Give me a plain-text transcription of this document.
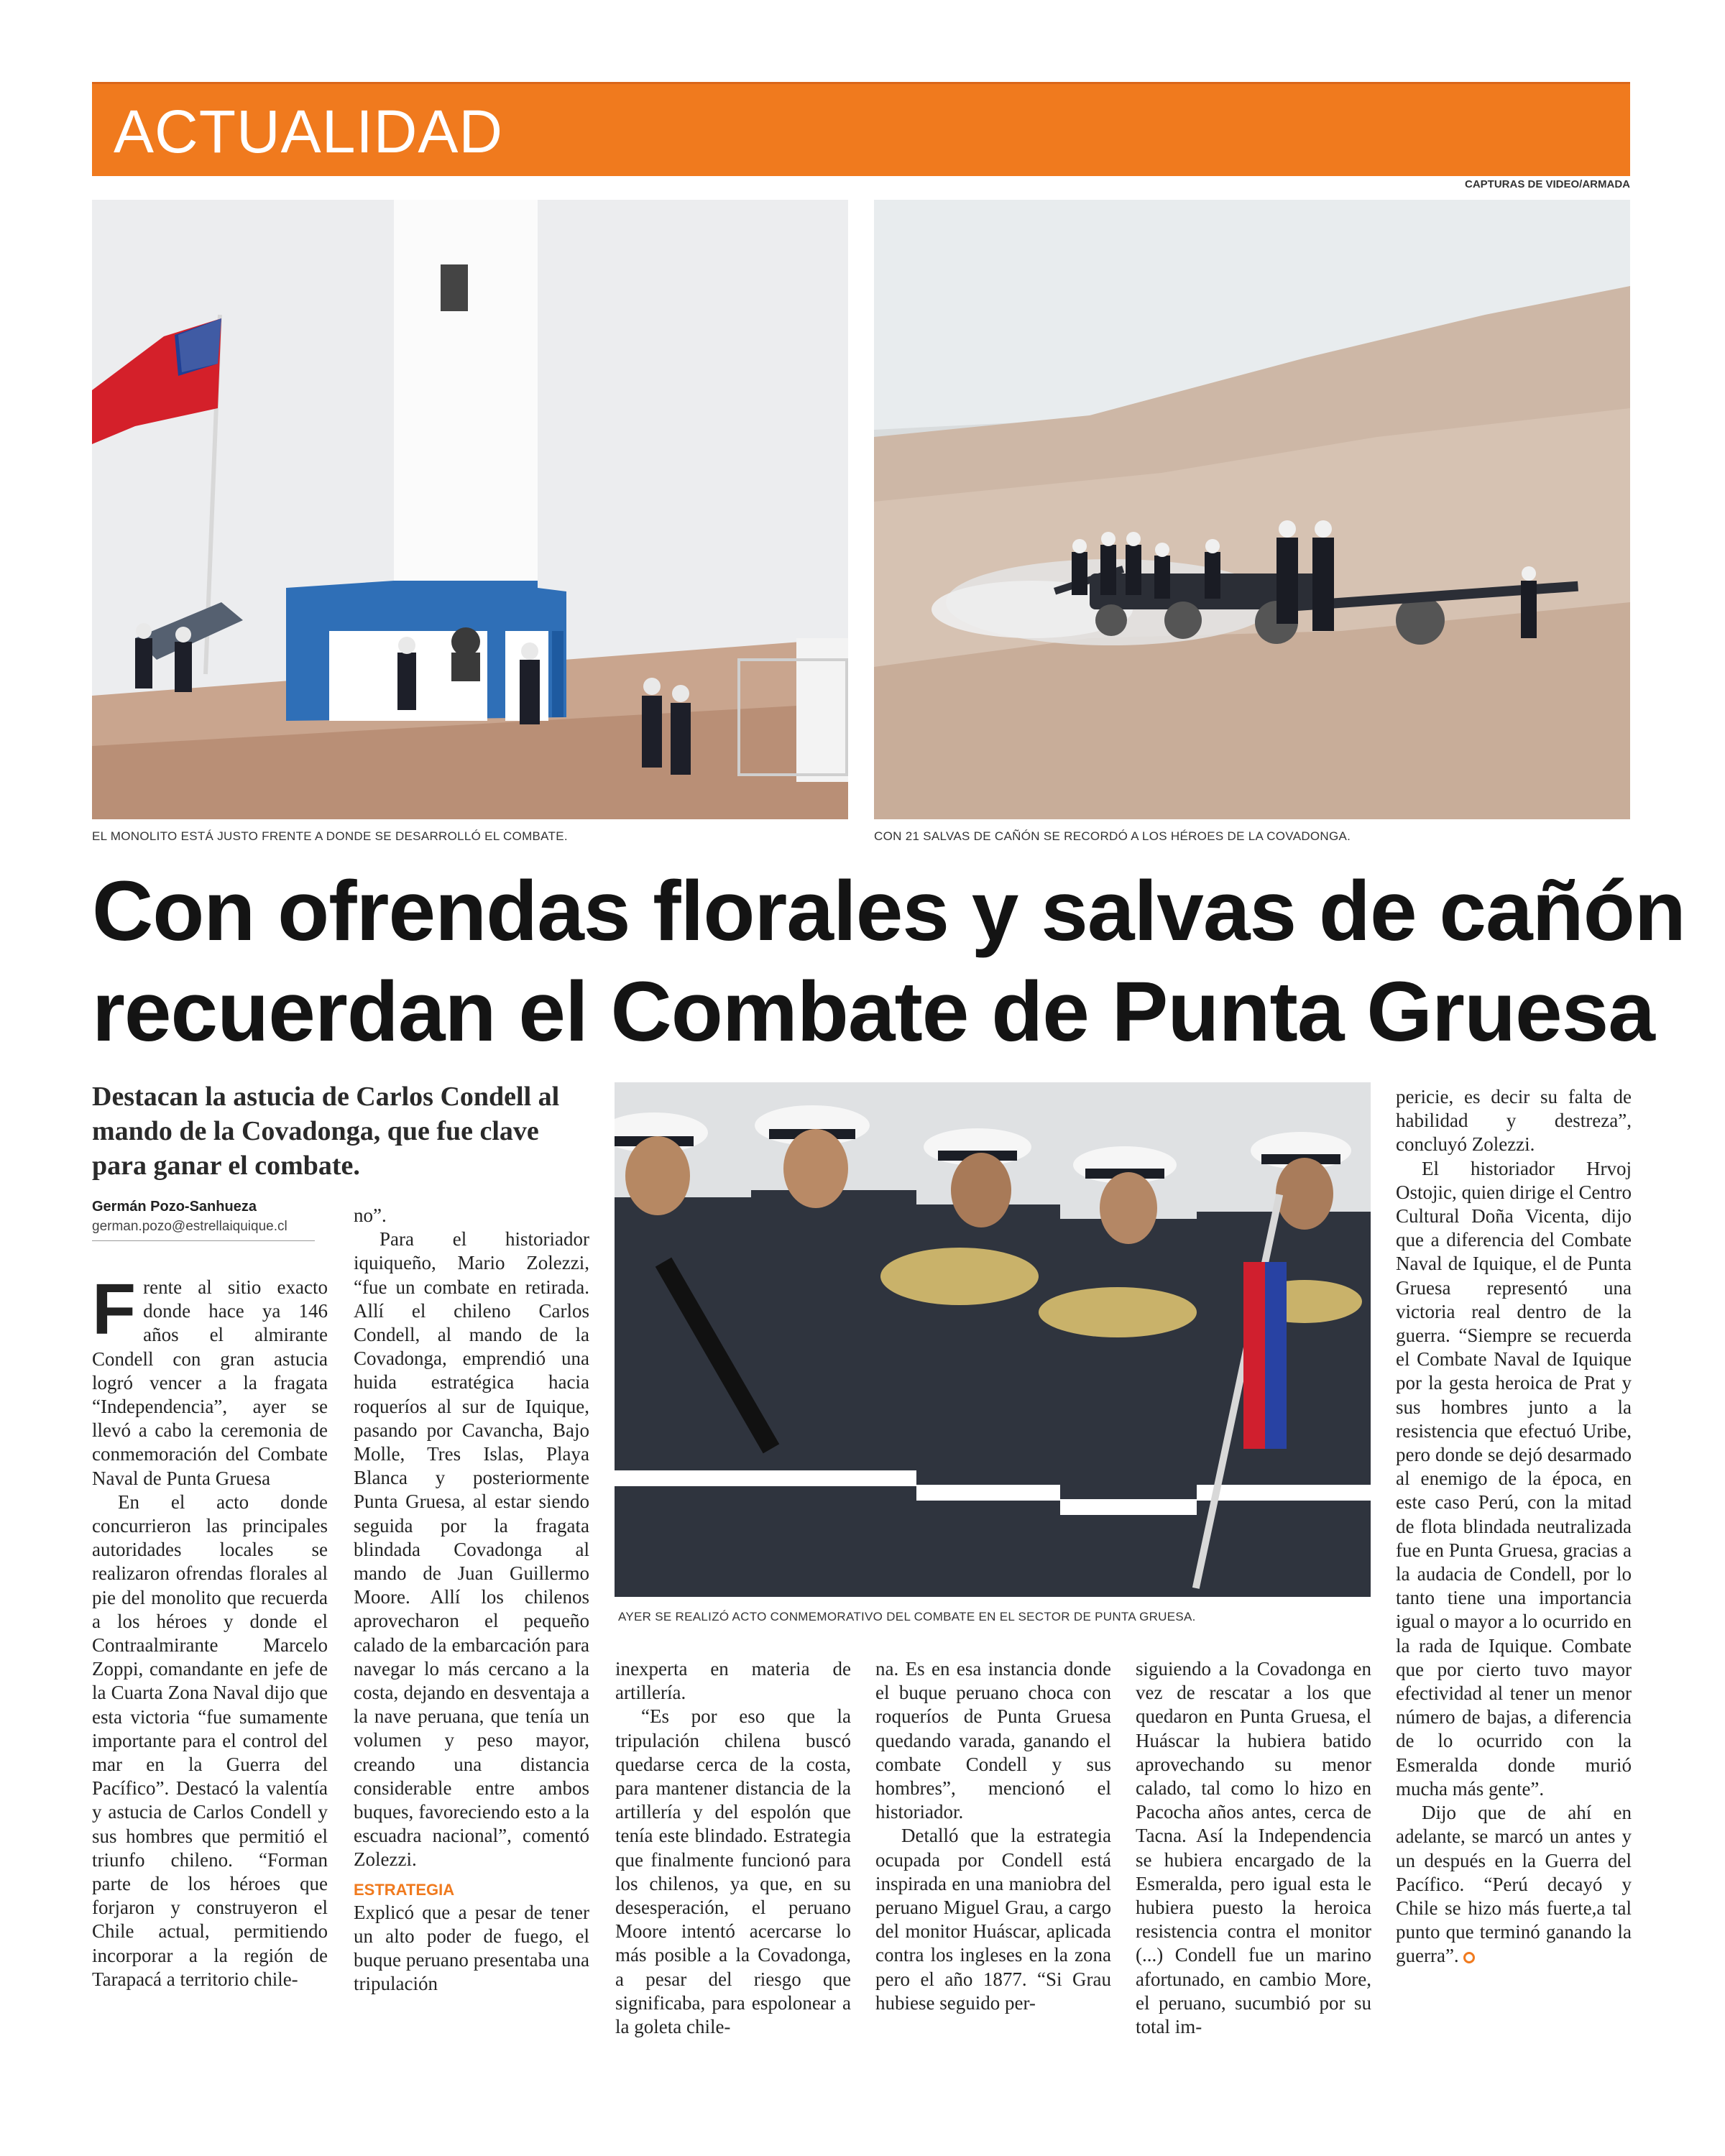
ACTUALIDAD
CAPTURAS DE VIDEO/ARMADA
EL MONOLITO ESTÁ JUSTO FRENTE A DONDE SE DESARROLLÓ EL COMBATE.	CON 21 SALVAS DE CAÑÓN SE RECORDÓ A LOS HÉROES DE LA COVADONGA.
Con ofrendas florales y salvas de cañón
recuerdan el Combate de Punta Gruesa
Destacan la astucia de Carlos Condell al mando de la Covadonga, que fue clave para ganar el combate.
Germán Pozo-Sanhueza
german.pozo@estrellaiquique.cl
AYER SE REALIZÓ ACTO CONMEMORATIVO DEL COMBATE EN EL SECTOR DE PUNTA GRUESA.

Frente al sitio exacto donde hace ya 146 años el almirante Condell con gran astucia logró vencer a la fragata “Independencia”, ayer se llevó a cabo la ceremonia de conmemoración del Combate Naval de Punta Gruesa

En el acto donde concurrieron las principales autoridades locales se realizaron ofrendas florales al pie del monolito que recuerda a los héroes y donde el Contraalmirante Marcelo Zoppi, comandante en jefe de la Cuarta Zona Naval dijo que esta victoria “fue sumamente importante para el control del mar en la Guerra del Pacífico”. Destacó la valentía y astucia de Carlos Condell y sus hombres que permitió el triunfo chileno. “Forman parte de los héroes que forjaron y construyeron el Chile actual, permitiendo incorporar a la región de Tarapacá a territorio chile-

no”.

Para el historiador iquiqueño, Mario Zolezzi, “fue un combate en retirada. Allí el chileno Carlos Condell, al mando de la Covadonga, emprendió una huida estratégica hacia roqueríos al sur de Iquique, pasando por Cavancha, Bajo Molle, Tres Islas, Playa Blanca y posteriormente Punta Gruesa, al estar siendo seguida por la fragata blindada Covadonga al mando de Juan Guillermo Moore. Allí los chilenos aprovecharon el pequeño calado de la embarcación para navegar lo más cercano a la costa, dejando en desventaja a la nave peruana, que tenía un volumen y peso mayor, creando una distancia considerable entre ambos buques, favoreciendo esto a la escuadra nacional”, comentó Zolezzi.

ESTRATEGIA

Explicó que a pesar de tener un alto poder de fuego, el buque peruano presentaba una tripulación

inexperta en materia de artillería.

“Es por eso que la tripulación chilena buscó quedarse cerca de la costa, para mantener distancia de la artillería y del espolón que tenía este blindado. Estrategia que finalmente funcionó para los chilenos, ya que, en su desesperación, el peruano Moore intentó acercarse lo más posible a la Covadonga, a pesar del riesgo que significaba, para espolonear a la goleta chile-

na. Es en esa instancia donde el buque peruano choca con roqueríos de Punta Gruesa quedando varada, ganando el combate Condell y sus hombres”, mencionó el historiador.

Detalló que la estrategia ocupada por Condell está inspirada en una maniobra del peruano Miguel Grau, a cargo del monitor Huáscar, aplicada contra los ingleses en la zona pero el año 1877. “Si Grau hubiese seguido per-

siguiendo a la Covadonga en vez de rescatar a los que quedaron en Punta Gruesa, el Huáscar la hubiera batido aprovechando su menor calado, tal como lo hizo en Pacocha años antes, cerca de Tacna. Así la Independencia se hubiera encargado de la Esmeralda, pero igual esta le hubiera puesto la heroica resistencia contra el monitor (...) Condell fue un marino afortunado, en cambio More, el peruano, sucumbió por su total im-

pericie, es decir su falta de habilidad y destreza”, concluyó Zolezzi.

El historiador Hrvoj Ostojic, quien dirige el Centro Cultural Doña Vicenta, dijo que a diferencia del Combate Naval de Iquique, el de Punta Gruesa representó una victoria real dentro de la guerra. “Siempre se recuerda el Combate Naval de Iquique por la gesta heroica de Prat y sus hombres junto a la resistencia que efectuó Uribe, pero donde se dejó desarmado al enemigo de la época, en este caso Perú, con la mitad de flota blindada neutralizada fue en Punta Gruesa, gracias a la audacia de Condell, por lo tanto tiene una importancia igual o mayor a lo ocurrido en la rada de Iquique. Combate que por cierto tuvo mayor efectividad al tener un menor número de bajas, a diferencia de lo ocurrido con la Esmeralda donde murió mucha más gente”.

Dijo que de ahí en adelante, se marcó un antes y un después en la Guerra del Pacífico. “Perú decayó y Chile se hizo más fuerte,a tal punto que terminó ganando la guerra”.
